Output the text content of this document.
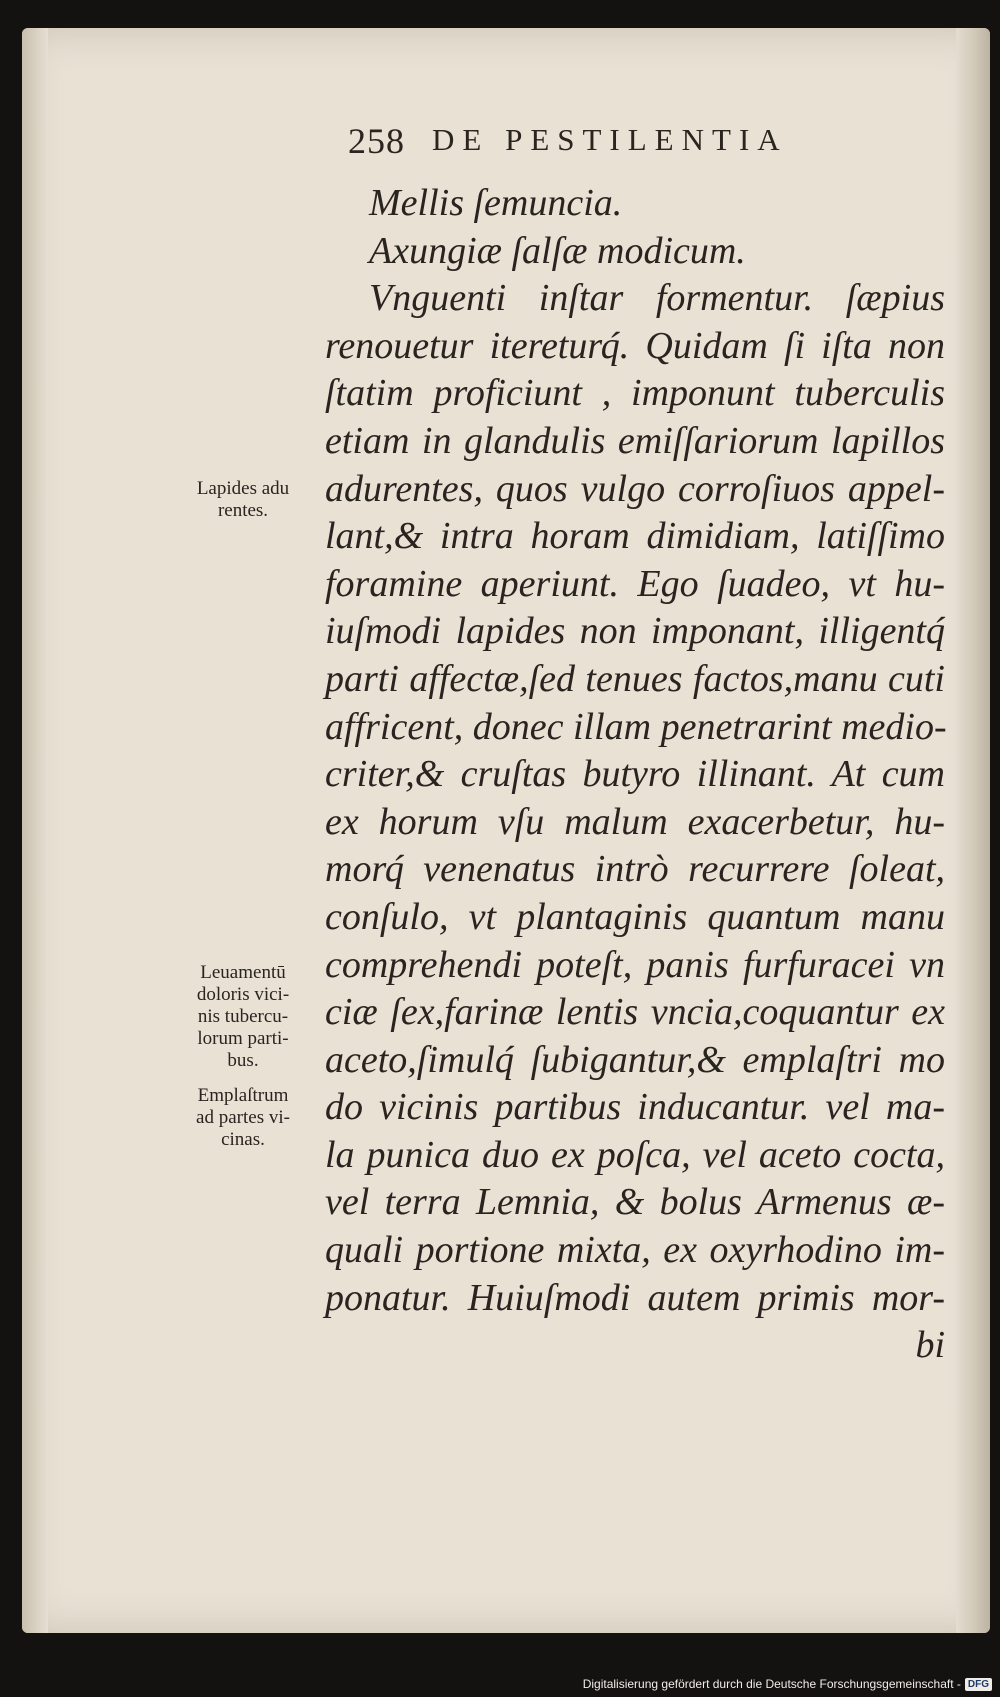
258 DE PESTILENTIA
Mellis ſemuncia.
Axungiæ ſalſæ modicum.
Vnguenti inſtar formentur. ſæpius
renouetur itereturq́. Quidam ſi iſta non
ſtatim proficiunt , imponunt tuberculis
etiam in glandulis emiſſariorum lapillos
adurentes, quos vulgo corroſiuos appel-
lant,& intra horam dimidiam, latiſſimo
foramine aperiunt. Ego ſuadeo, vt hu-
iuſmodi lapides non imponant, illigentq́
parti affectæ,ſed tenues factos,manu cuti
affricent, donec illam penetrarint medio-
criter,& cruſtas butyro illinant. At cum
ex horum vſu malum exacerbetur, hu-
morq́ venenatus intrò recurrere ſoleat,
conſulo, vt plantaginis quantum manu
comprehendi poteſt, panis furfuracei vn
ciæ ſex,farinæ lentis vncia,coquantur ex
aceto,ſimulq́ ſubigantur,& emplaſtri mo
do vicinis partibus inducantur. vel ma-
la punica duo ex poſca, vel aceto cocta,
vel terra Lemnia, & bolus Armenus æ-
quali portione mixta, ex oxyrhodino im-
ponatur. Huiuſmodi autem primis mor-
bi
Lapides adu
rentes.
Leuamentū
doloris vici-
nis tubercu-
lorum parti-
bus.
Emplaſtrum
ad partes vi-
cinas.
Digitalisierung gefördert durch die Deutsche Forschungsgemeinschaft - DFG
